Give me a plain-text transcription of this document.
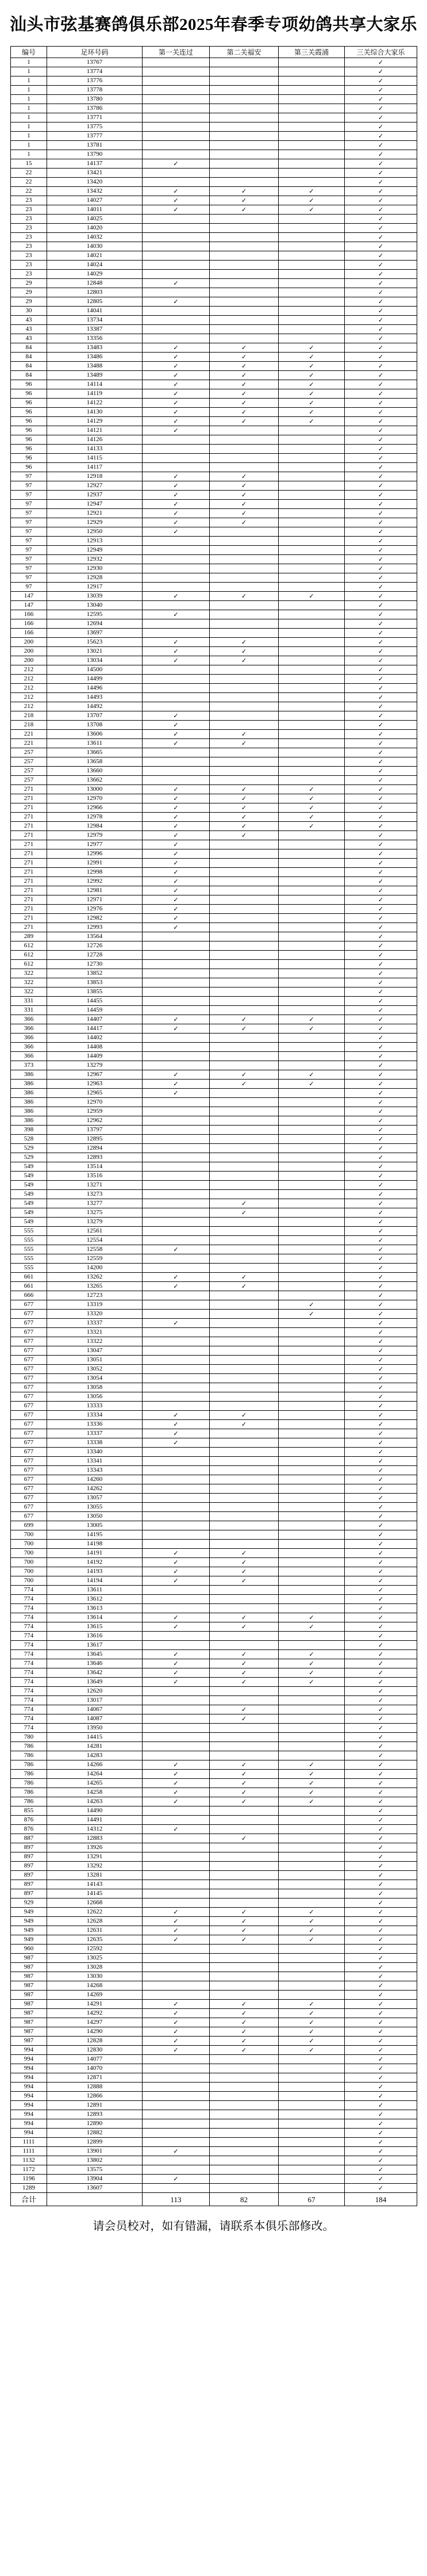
汕头市弦基赛鸽俱乐部2025年春季专项幼鸽共享大家乐
编号	足环号码	第一关连过	第二关福安	第三关霞浦	三关综合大家乐
1	13767				✓
1	13774				✓
1	13776				✓
1	13778				✓
1	13780				✓
1	13786				✓
1	13771				✓
1	13775				✓
1	13777				✓
1	13781				✓
1	13790				✓
15	14137	✓			✓
22	13421				✓
22	13420				✓
22	13432	✓	✓	✓	✓
23	14027	✓	✓	✓	✓
23	14011	✓	✓	✓	✓
23	14025				✓
23	14020				✓
23	14032				✓
23	14030				✓
23	14021				✓
23	14024				✓
23	14029				✓
29	12848	✓			✓
29	12803				✓
29	12805	✓			✓
30	14041				✓
43	13734				✓
43	13387				✓
43	13356				✓
84	13483	✓	✓	✓	✓
84	13486	✓	✓	✓	✓
84	13488	✓	✓	✓	✓
84	13489	✓	✓	✓	✓
96	14114	✓	✓	✓	✓
96	14119	✓	✓	✓	✓
96	14122	✓	✓	✓	✓
96	14130	✓	✓	✓	✓
96	14129	✓	✓	✓	✓
96	14121	✓			✓
96	14126				✓
96	14133				✓
96	14115				✓
96	14117				✓
97	12918	✓	✓		✓
97	12927	✓	✓		✓
97	12937	✓	✓		✓
97	12947	✓	✓		✓
97	12921	✓	✓		✓
97	12929	✓	✓		✓
97	12950	✓			✓
97	12913				✓
97	12949				✓
97	12932				✓
97	12930				✓
97	12928				✓
97	12917				✓
147	13039	✓	✓	✓	✓
147	13040				✓
166	12595	✓			✓
166	12694				✓
166	13697				✓
200	15623	✓	✓		✓
200	13021	✓	✓		✓
200	13034	✓	✓		✓
212	14500				✓
212	14499				✓
212	14496				✓
212	14493				✓
212	14492				✓
218	13707	✓			✓
218	13708	✓			✓
221	13606	✓	✓		✓
221	13611	✓	✓		✓
257	13665				✓
257	13658				✓
257	13660				✓
257	13662				✓
271	13000	✓	✓	✓	✓
271	12970	✓	✓	✓	✓
271	12966	✓	✓	✓	✓
271	12978	✓	✓	✓	✓
271	12984	✓	✓	✓	✓
271	12979	✓	✓		✓
271	12977	✓			✓
271	12996	✓			✓
271	12991	✓			✓
271	12998	✓			✓
271	12992	✓			✓
271	12981	✓			✓
271	12971	✓			✓
271	12976	✓			✓
271	12982	✓			✓
271	12993	✓			✓
289	13564				✓
612	12726				✓
612	12728				✓
612	12730				✓
322	13852				✓
322	13853				✓
322	13855				✓
331	14455				✓
331	14459				✓
366	14407	✓	✓	✓	✓
366	14417	✓	✓	✓	✓
366	14402				✓
366	14408				✓
366	14409				✓
373	13279				✓
386	12967	✓	✓	✓	✓
386	12963	✓	✓	✓	✓
386	12965	✓			✓
386	12970				✓
386	12959				✓
386	12962				✓
398	13797				✓
528	12895				✓
529	12894				✓
529	12893				✓
549	13514				✓
549	13516				✓
549	13271				✓
549	13273				✓
549	13277		✓		✓
549	13275		✓		✓
549	13279				✓
555	12561				✓
555	12554				✓
555	12558	✓			✓
555	12559				✓
555	14200				✓
661	13262	✓	✓		✓
661	13265	✓	✓		✓
666	12723				✓
677	13319			✓	✓
677	13320			✓	✓
677	13337	✓			✓
677	13321				✓
677	13322				✓
677	13047				✓
677	13051				✓
677	13052				✓
677	13054				✓
677	13058				✓
677	13056				✓
677	13333				✓
677	13334	✓	✓		✓
677	13336	✓	✓		✓
677	13337	✓			✓
677	13338	✓			✓
677	13340				✓
677	13341				✓
677	13343				✓
677	14260				✓
677	14262				✓
677	13057				✓
677	13055				✓
677	13050				✓
699	13005				✓
700	14195				✓
700	14198				✓
700	14191	✓	✓		✓
700	14192	✓	✓		✓
700	14193	✓	✓		✓
700	14194	✓	✓		✓
774	13611				✓
774	13612				✓
774	13613				✓
774	13614	✓	✓	✓	✓
774	13615	✓	✓	✓	✓
774	13616				✓
774	13617				✓
774	13645	✓	✓	✓	✓
774	13646	✓	✓	✓	✓
774	13642	✓	✓	✓	✓
774	13649	✓	✓	✓	✓
774	12620				✓
774	13017				✓
774	14067		✓		✓
774	14087		✓		✓
774	13950				✓
780	14415				✓
786	14281				✓
786	14283				✓
786	14266	✓	✓	✓	✓
786	14264	✓	✓	✓	✓
786	14265	✓	✓	✓	✓
786	14258	✓	✓	✓	✓
786	14263	✓	✓	✓	✓
855	14490				✓
876	14491				✓
876	14312	✓			✓
887	12883		✓		✓
897	13926				✓
897	13291				✓
897	13292				✓
897	13281				✓
897	14143				✓
897	14145				✓
929	12668				✓
949	12622	✓	✓	✓	✓
949	12628	✓	✓	✓	✓
949	12631	✓	✓	✓	✓
949	12635	✓	✓	✓	✓
960	12592				✓
987	13025				✓
987	13028				✓
987	13030				✓
987	14268				✓
987	14269				✓
987	14291	✓	✓	✓	✓
987	14292	✓	✓	✓	✓
987	14297	✓	✓	✓	✓
987	14290	✓	✓	✓	✓
987	12828	✓	✓	✓	✓
994	12830	✓	✓	✓	✓
994	14077				✓
994	14070				✓
994	12871				✓
994	12888				✓
994	12866				✓
994	12891				✓
994	12893				✓
994	12890				✓
994	12882				✓
1111	12899				✓
1111	13901	✓			✓
1132	13802				✓
1172	13575				✓
1196	13904	✓			✓
1289	13607				✓
合计		113	82	67	184
请会员校对，如有错漏，请联系本俱乐部修改。
